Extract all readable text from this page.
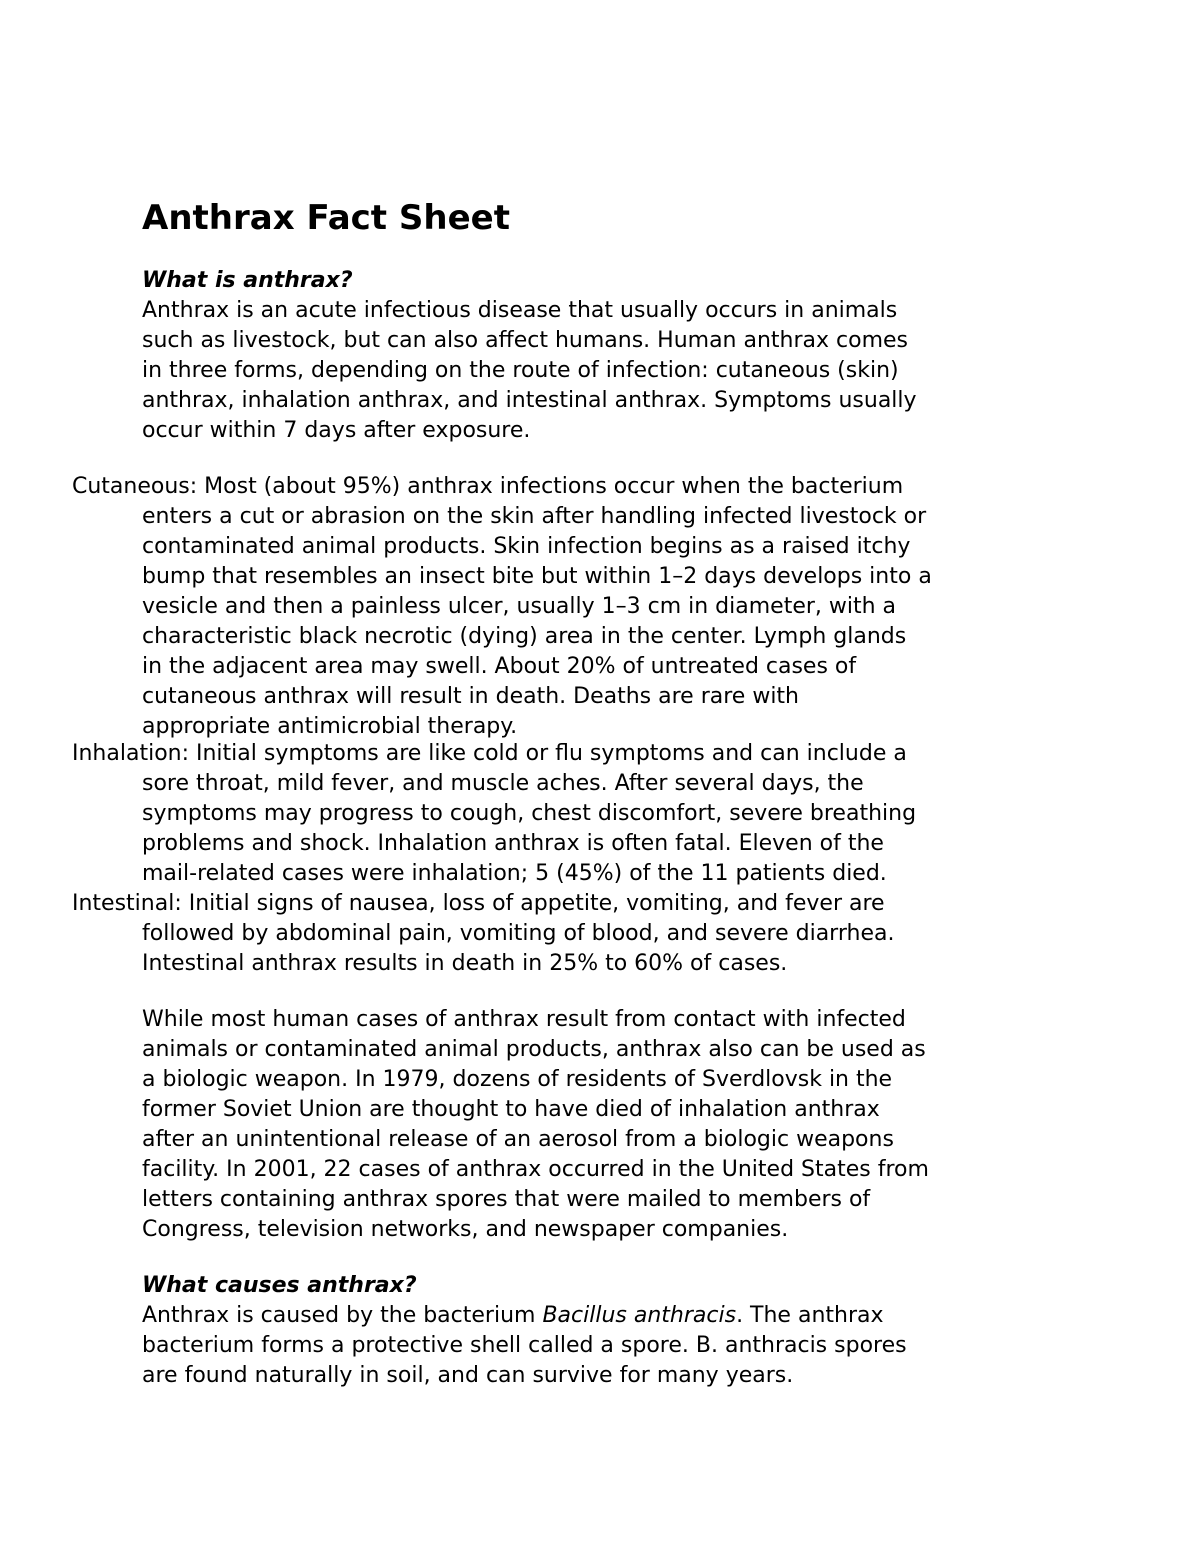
Anthrax Fact Sheet

What is anthrax?

Anthrax is an acute infectious disease that usually occurs in animals
such as livestock, but can also affect humans. Human anthrax comes
in three forms, depending on the route of infection: cutaneous (skin)
anthrax, inhalation anthrax, and intestinal anthrax. Symptoms usually
occur within 7 days after exposure.

Cutaneous: Most (about 95%) anthrax infections occur when the bacterium
enters a cut or abrasion on the skin after handling infected livestock or
contaminated animal products. Skin infection begins as a raised itchy
bump that resembles an insect bite but within 1–2 days develops into a
vesicle and then a painless ulcer, usually 1–3 cm in diameter, with a
characteristic black necrotic (dying) area in the center. Lymph glands
in the adjacent area may swell. About 20% of untreated cases of
cutaneous anthrax will result in death. Deaths are rare with
appropriate antimicrobial therapy.

Inhalation: Initial symptoms are like cold or flu symptoms and can include a
sore throat, mild fever, and muscle aches. After several days, the
symptoms may progress to cough, chest discomfort, severe breathing
problems and shock. Inhalation anthrax is often fatal. Eleven of the
mail-related cases were inhalation; 5 (45%) of the 11 patients died.

Intestinal: Initial signs of nausea, loss of appetite, vomiting, and fever are
followed by abdominal pain, vomiting of blood, and severe diarrhea.
Intestinal anthrax results in death in 25% to 60% of cases.

While most human cases of anthrax result from contact with infected
animals or contaminated animal products, anthrax also can be used as
a biologic weapon. In 1979, dozens of residents of Sverdlovsk in the
former Soviet Union are thought to have died of inhalation anthrax
after an unintentional release of an aerosol from a biologic weapons
facility. In 2001, 22 cases of anthrax occurred in the United States from
letters containing anthrax spores that were mailed to members of
Congress, television networks, and newspaper companies.

What causes anthrax?

Anthrax is caused by the bacterium Bacillus anthracis. The anthrax
bacterium forms a protective shell called a spore. B. anthracis spores
are found naturally in soil, and can survive for many years.
